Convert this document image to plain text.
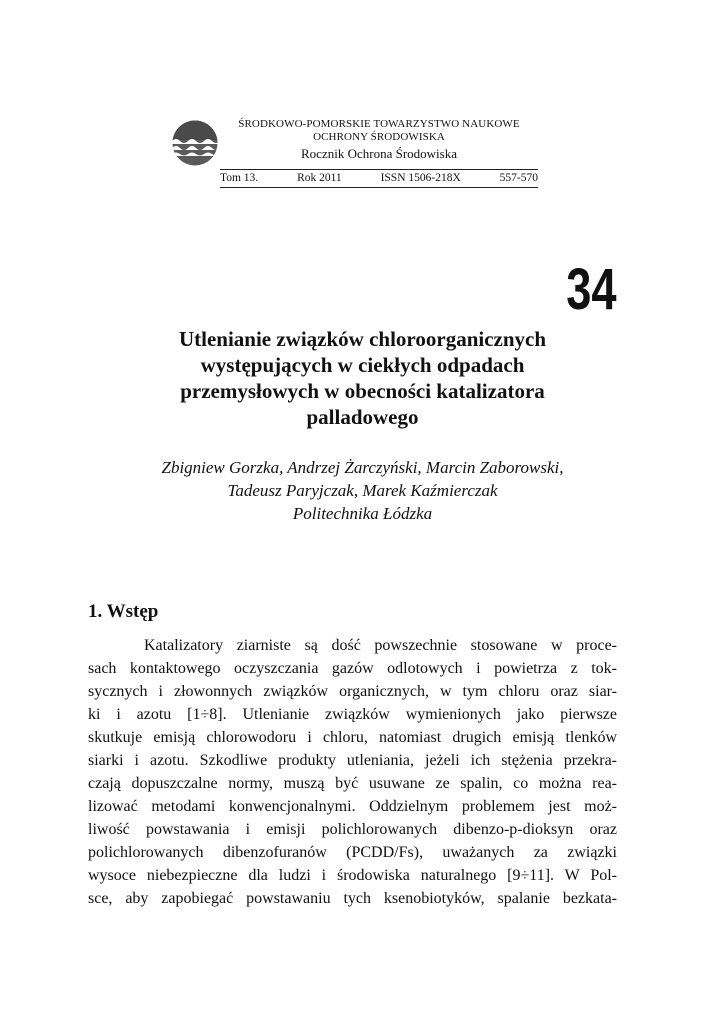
ŚRODKOWO-POMORSKIE TOWARZYSTWO NAUKOWE
OCHRONY ŚRODOWISKA
Rocznik Ochrona Środowiska
Tom 13.	Rok 2011	ISSN 1506-218X	557-570
34
Utlenianie związków chloroorganicznych
występujących w ciekłych odpadach
przemysłowych w obecności katalizatora
palladowego
Zbigniew Gorzka, Andrzej Żarczyński, Marcin Zaborowski,
Tadeusz Paryjczak, Marek Kaźmierczak
Politechnika Łódzka
1. Wstęp
Katalizatory ziarniste są dość powszechnie stosowane w proce-
sach kontaktowego oczyszczania gazów odlotowych i powietrza z tok-
sycznych i złowonnych związków organicznych, w tym chloru oraz siar-
ki i azotu [1÷8]. Utlenianie związków wymienionych jako pierwsze
skutkuje emisją chlorowodoru i chloru, natomiast drugich emisją tlenków
siarki i azotu. Szkodliwe produkty utleniania, jeżeli ich stężenia przekra-
czają dopuszczalne normy, muszą być usuwane ze spalin, co można rea-
lizować metodami konwencjonalnymi. Oddzielnym problemem jest moż-
liwość powstawania i emisji polichlorowanych dibenzo-p-dioksyn oraz
polichlorowanych dibenzofuranów (PCDD/Fs), uważanych za związki
wysoce niebezpieczne dla ludzi i środowiska naturalnego [9÷11]. W Pol-
sce, aby zapobiegać powstawaniu tych ksenobiotyków, spalanie bezkata-
